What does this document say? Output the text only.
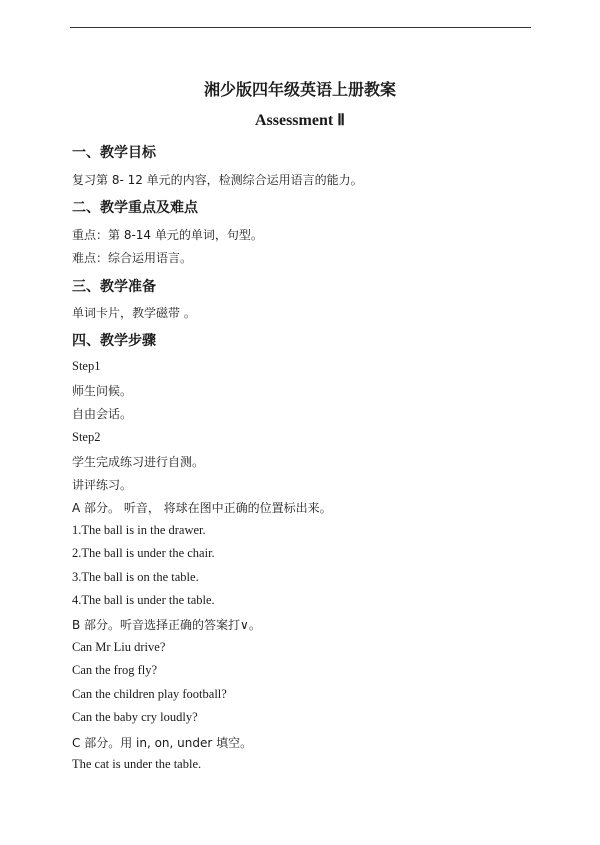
湘少版四年级英语上册教案
Assessment Ⅱ
一、教学目标
复习第 8- 12 单元的内容，检测综合运用语言的能力。
二、教学重点及难点
重点：第 8-14 单元的单词，句型。
难点：综合运用语言。
三、教学准备
单词卡片，教学磁带 。
四、教学步骤
Step1
师生问候。
自由会话。
Step2
学生完成练习进行自测。
讲评练习。
A 部分。 听音， 将球在图中正确的位置标出来。
1.The ball is in the drawer.
2.The ball is under the chair.
3.The ball is on the table.
4.The ball is under the table.
B 部分。听音选择正确的答案打∨。
Can Mr Liu drive?
Can the frog fly?
Can the children play football?
Can the baby cry loudly?
C 部分。用 in, on, under 填空。
The cat is under the table.
